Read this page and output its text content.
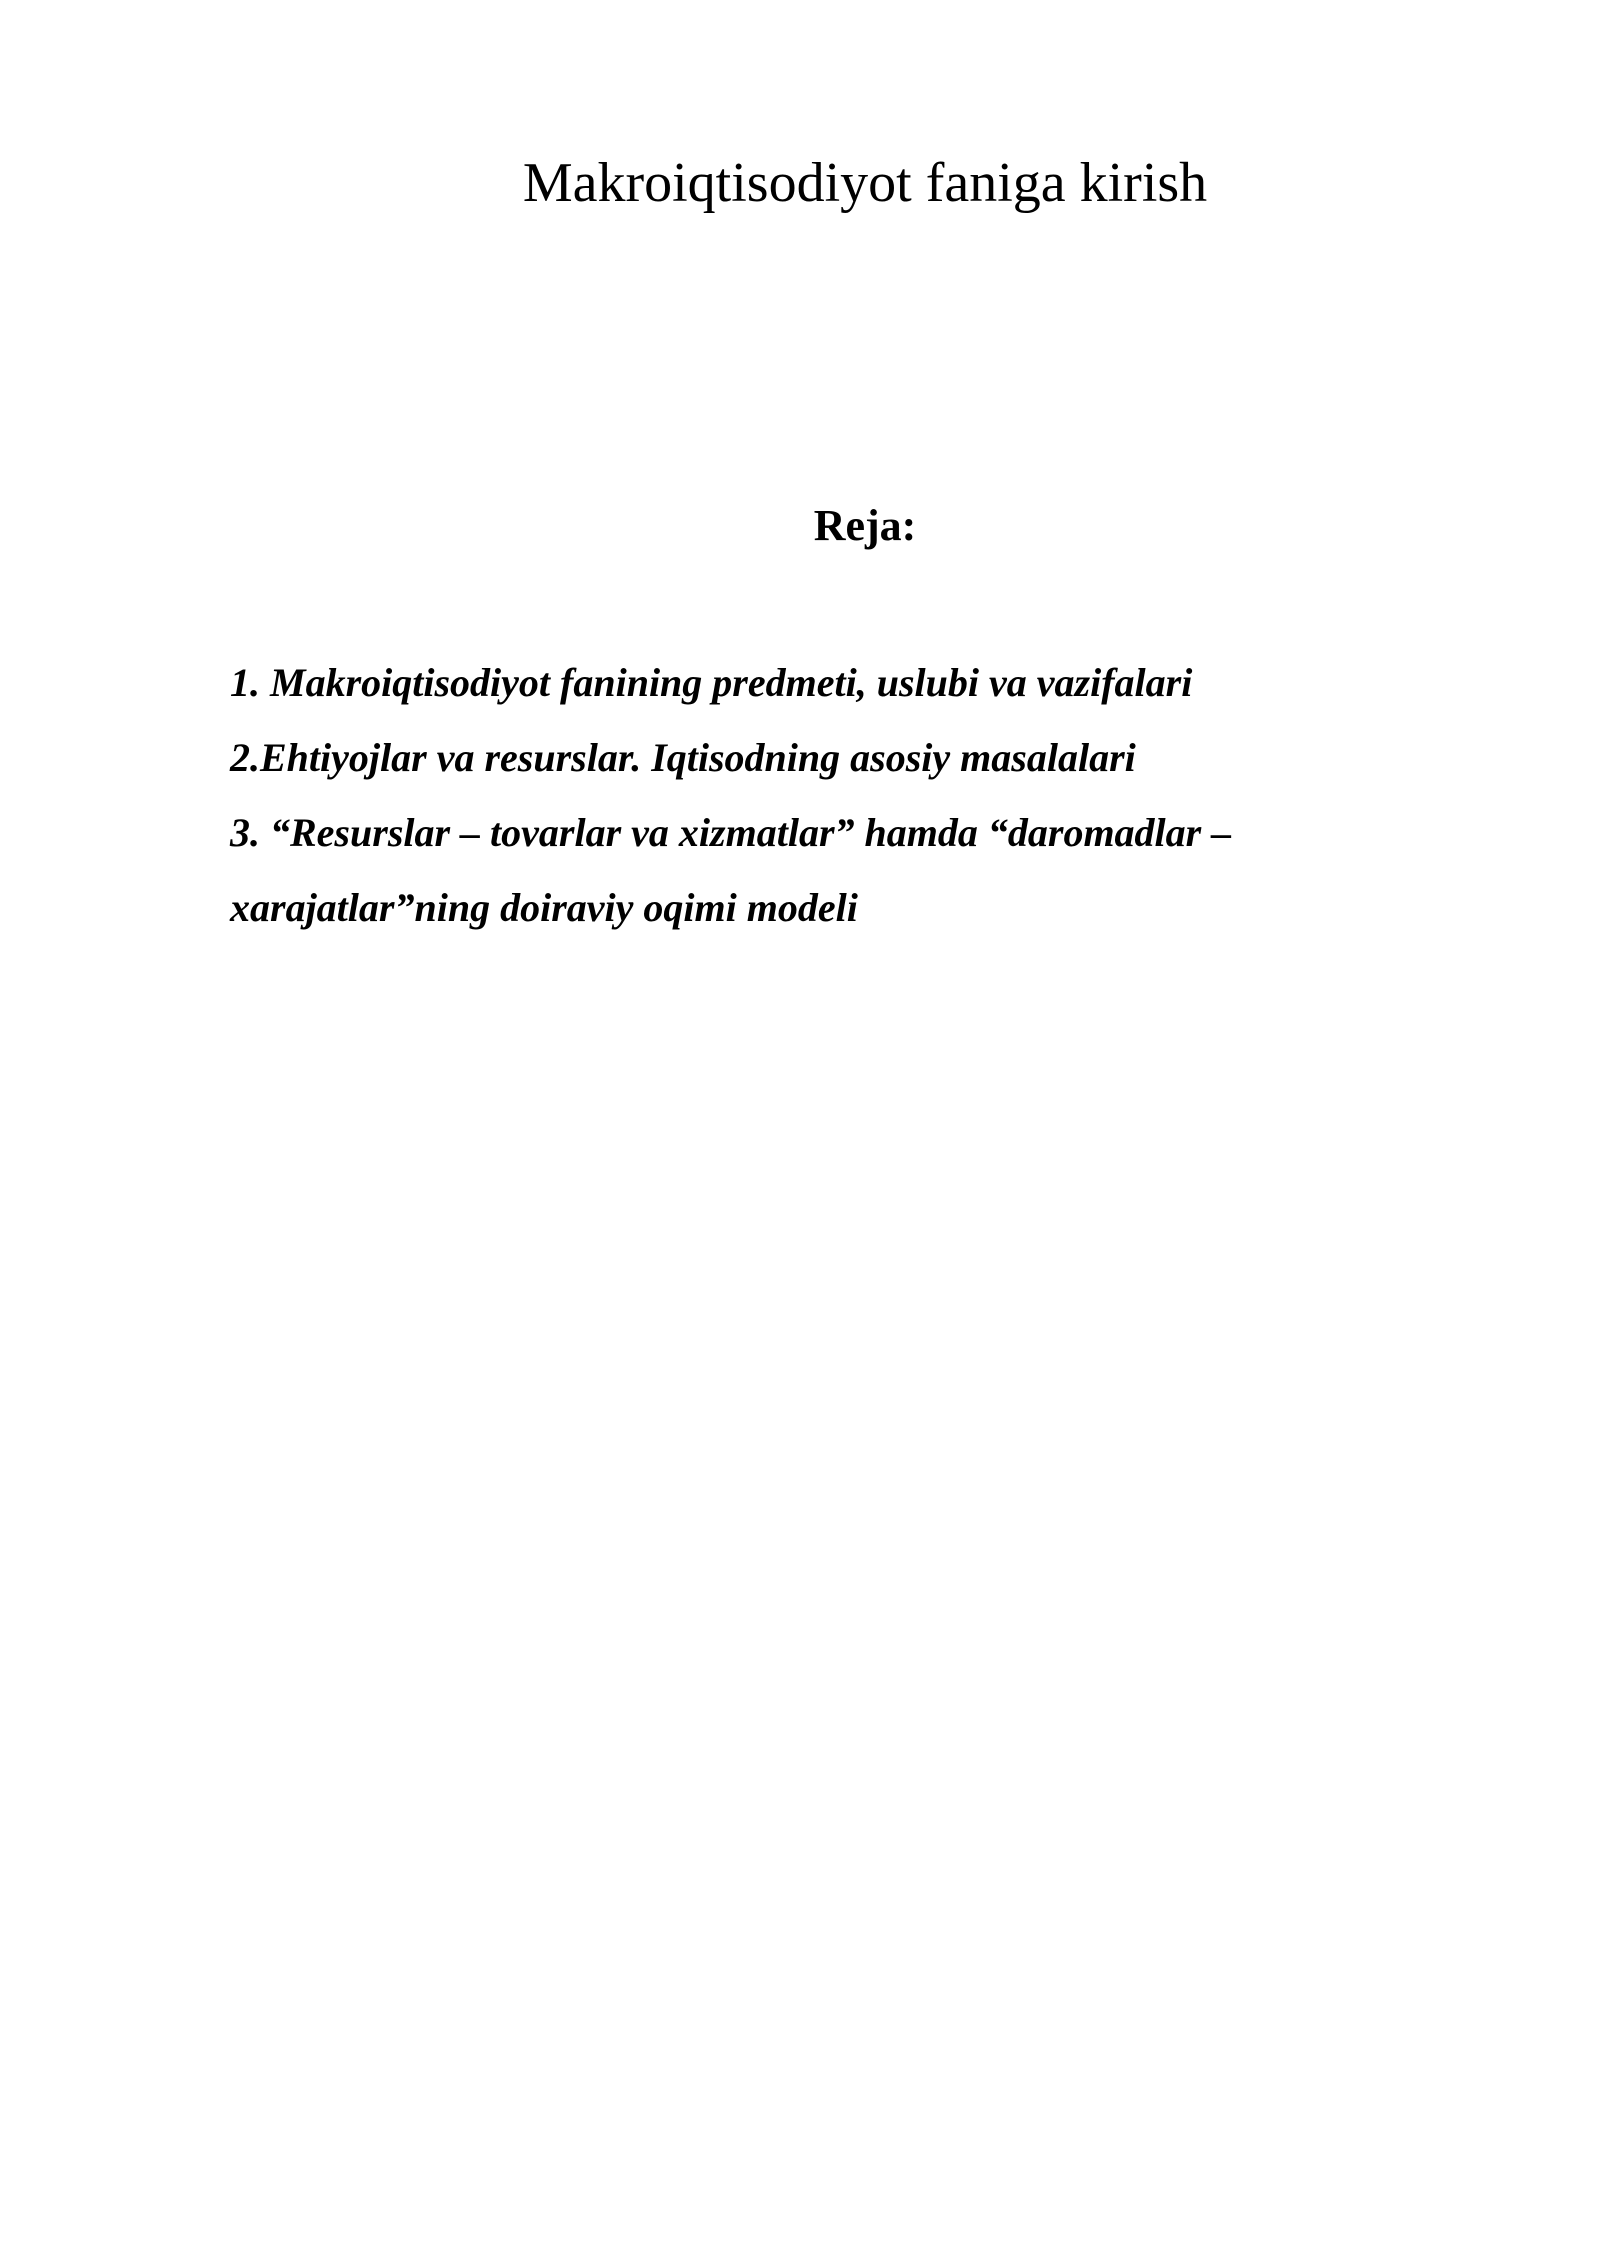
Makroiqtisodiyot faniga kirish
Reja:
1. Makroiqtisodiyot fanining predmeti, uslubi va vazifalari
2.Ehtiyojlar va resurslar. Iqtisodning asosiy masalalari
3. “Resurslar – tovarlar va xizmatlar” hamda “daromadlar – xarajatlar”ning doiraviy oqimi modeli
